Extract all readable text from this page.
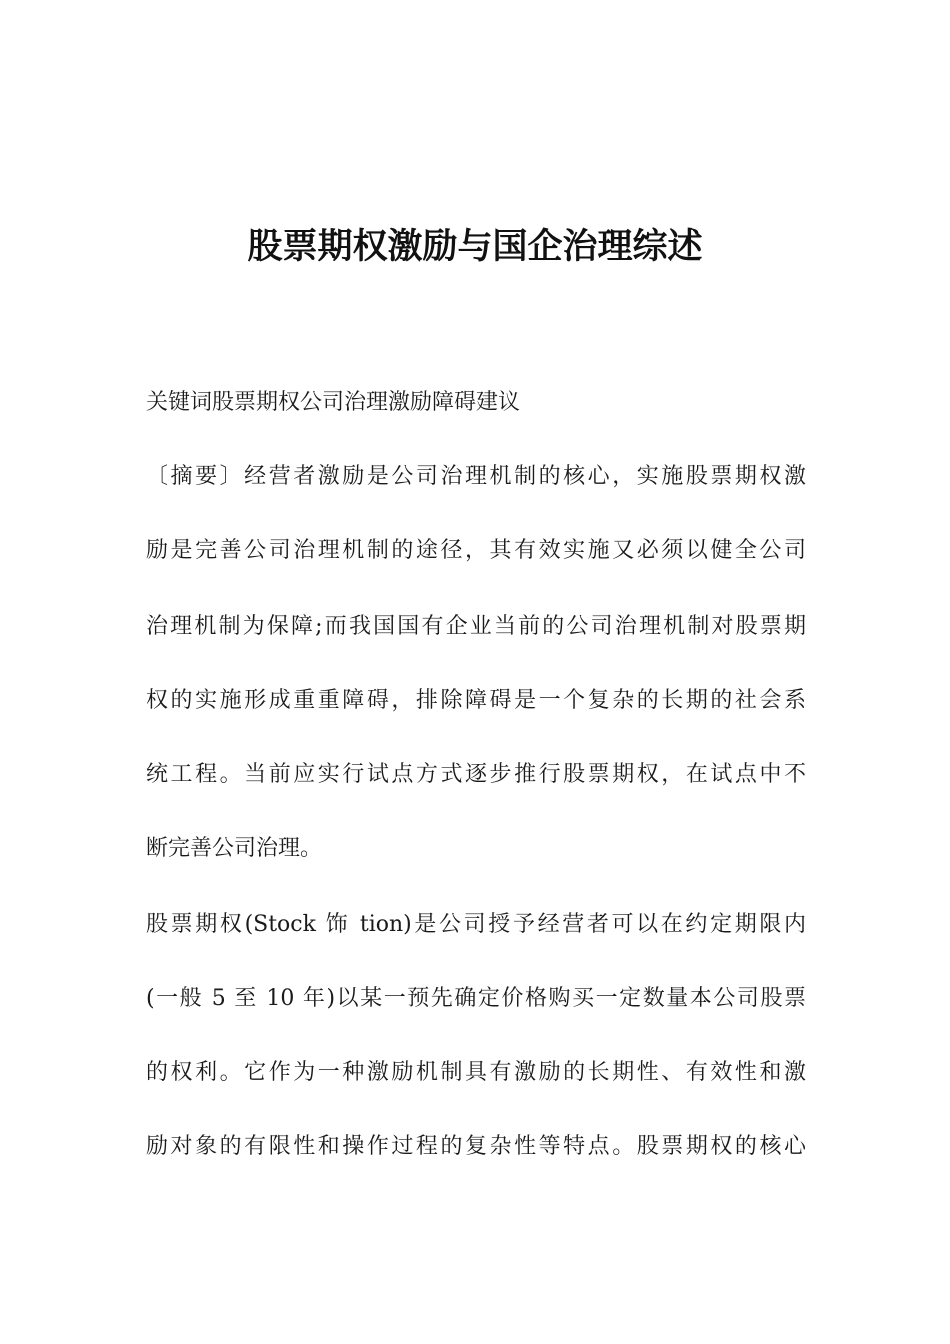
股票期权激励与国企治理综述
关键词股票期权公司治理激励障碍建议
〔摘要〕经营者激励是公司治理机制的核心，实施股票期权激
励是完善公司治理机制的途径，其有效实施又必须以健全公司
治理机制为保障;而我国国有企业当前的公司治理机制对股票期
权的实施形成重重障碍，排除障碍是一个复杂的长期的社会系
统工程。当前应实行试点方式逐步推行股票期权，在试点中不
断完善公司治理。
股票期权(Stock 饰 tion)是公司授予经营者可以在约定期限内
(一般 5 至 10 年)以某一预先确定价格购买一定数量本公司股票
的权利。它作为一种激励机制具有激励的长期性、有效性和激
励对象的有限性和操作过程的复杂性等特点。股票期权的核心
